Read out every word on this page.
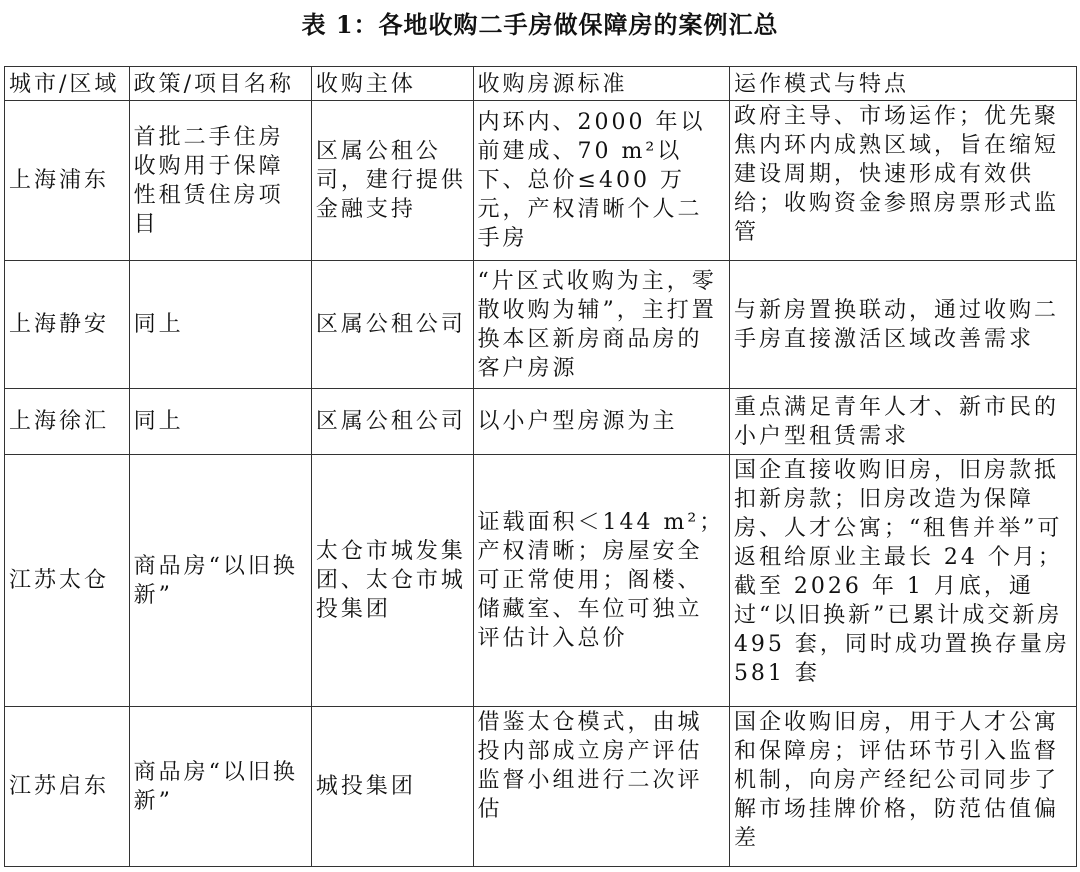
表 1：各地收购二手房做保障房的案例汇总
城市/区域	政策/项目名称	收购主体	收购房源标准	运作模式与特点
上海浦东	首批二手住房收购用于保障性租赁住房项目	区属公租公司，建行提供金融支持	内环内、2000 年以前建成、70 m²以下、总价≤400 万元，产权清晰个人二手房	政府主导、市场运作；优先聚焦内环内成熟区域，旨在缩短建设周期，快速形成有效供给；收购资金参照房票形式监管
上海静安	同上	区属公租公司	“片区式收购为主，零散收购为辅”，主打置换本区新房商品房的客户房源	与新房置换联动，通过收购二手房直接激活区域改善需求
上海徐汇	同上	区属公租公司	以小户型房源为主	重点满足青年人才、新市民的小户型租赁需求
江苏太仓	商品房“以旧换新”	太仓市城发集团、太仓市城投集团	证载面积＜144 m²；产权清晰；房屋安全可正常使用；阁楼、储藏室、车位可独立评估计入总价	国企直接收购旧房，旧房款抵扣新房款；旧房改造为保障房、人才公寓；“租售并举”可返租给原业主最长 24 个月；截至 2026 年 1 月底，通过“以旧换新”已累计成交新房 495 套，同时成功置换存量房 581 套
江苏启东	商品房“以旧换新”	城投集团	借鉴太仓模式，由城投内部成立房产评估监督小组进行二次评估	国企收购旧房，用于人才公寓和保障房；评估环节引入监督机制，向房产经纪公司同步了解市场挂牌价格，防范估值偏差
